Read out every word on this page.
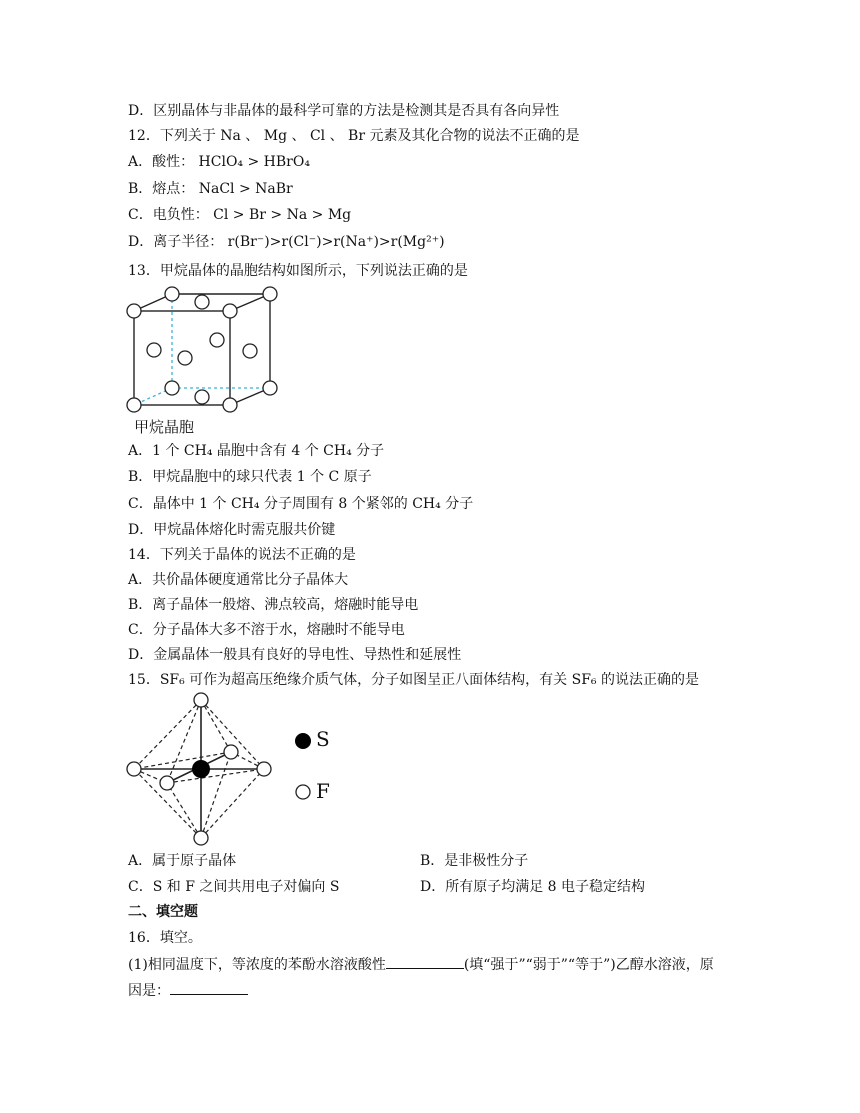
D．区别晶体与非晶体的最科学可靠的方法是检测其是否具有各向异性
12．下列关于 Na 、 Mg 、 Cl 、 Br 元素及其化合物的说法不正确的是
A．酸性： HClO₄ > HBrO₄
B．熔点： NaCl > NaBr
C．电负性： Cl > Br > Na > Mg
D．离子半径： r(Br⁻)>r(Cl⁻)>r(Na⁺)>r(Mg²⁺)
13．甲烷晶体的晶胞结构如图所示，下列说法正确的是
甲烷晶胞
A．1 个 CH₄ 晶胞中含有 4 个 CH₄ 分子
B．甲烷晶胞中的球只代表 1 个 C 原子
C．晶体中 1 个 CH₄ 分子周围有 8 个紧邻的 CH₄ 分子
D．甲烷晶体熔化时需克服共价键
14．下列关于晶体的说法不正确的是
A．共价晶体硬度通常比分子晶体大
B．离子晶体一般熔、沸点较高，熔融时能导电
C．分子晶体大多不溶于水，熔融时不能导电
D．金属晶体一般具有良好的导电性、导热性和延展性
15．SF₆ 可作为超高压绝缘介质气体，分子如图呈正八面体结构，有关 SF₆ 的说法正确的是
S
F
A．属于原子晶体	B．是非极性分子
C．S 和 F 之间共用电子对偏向 S	D．所有原子均满足 8 电子稳定结构
二、填空题
16．填空。
(1)相同温度下，等浓度的苯酚水溶液酸性	(填“强于”“弱于”“等于”)乙醇水溶液，原
因是：
